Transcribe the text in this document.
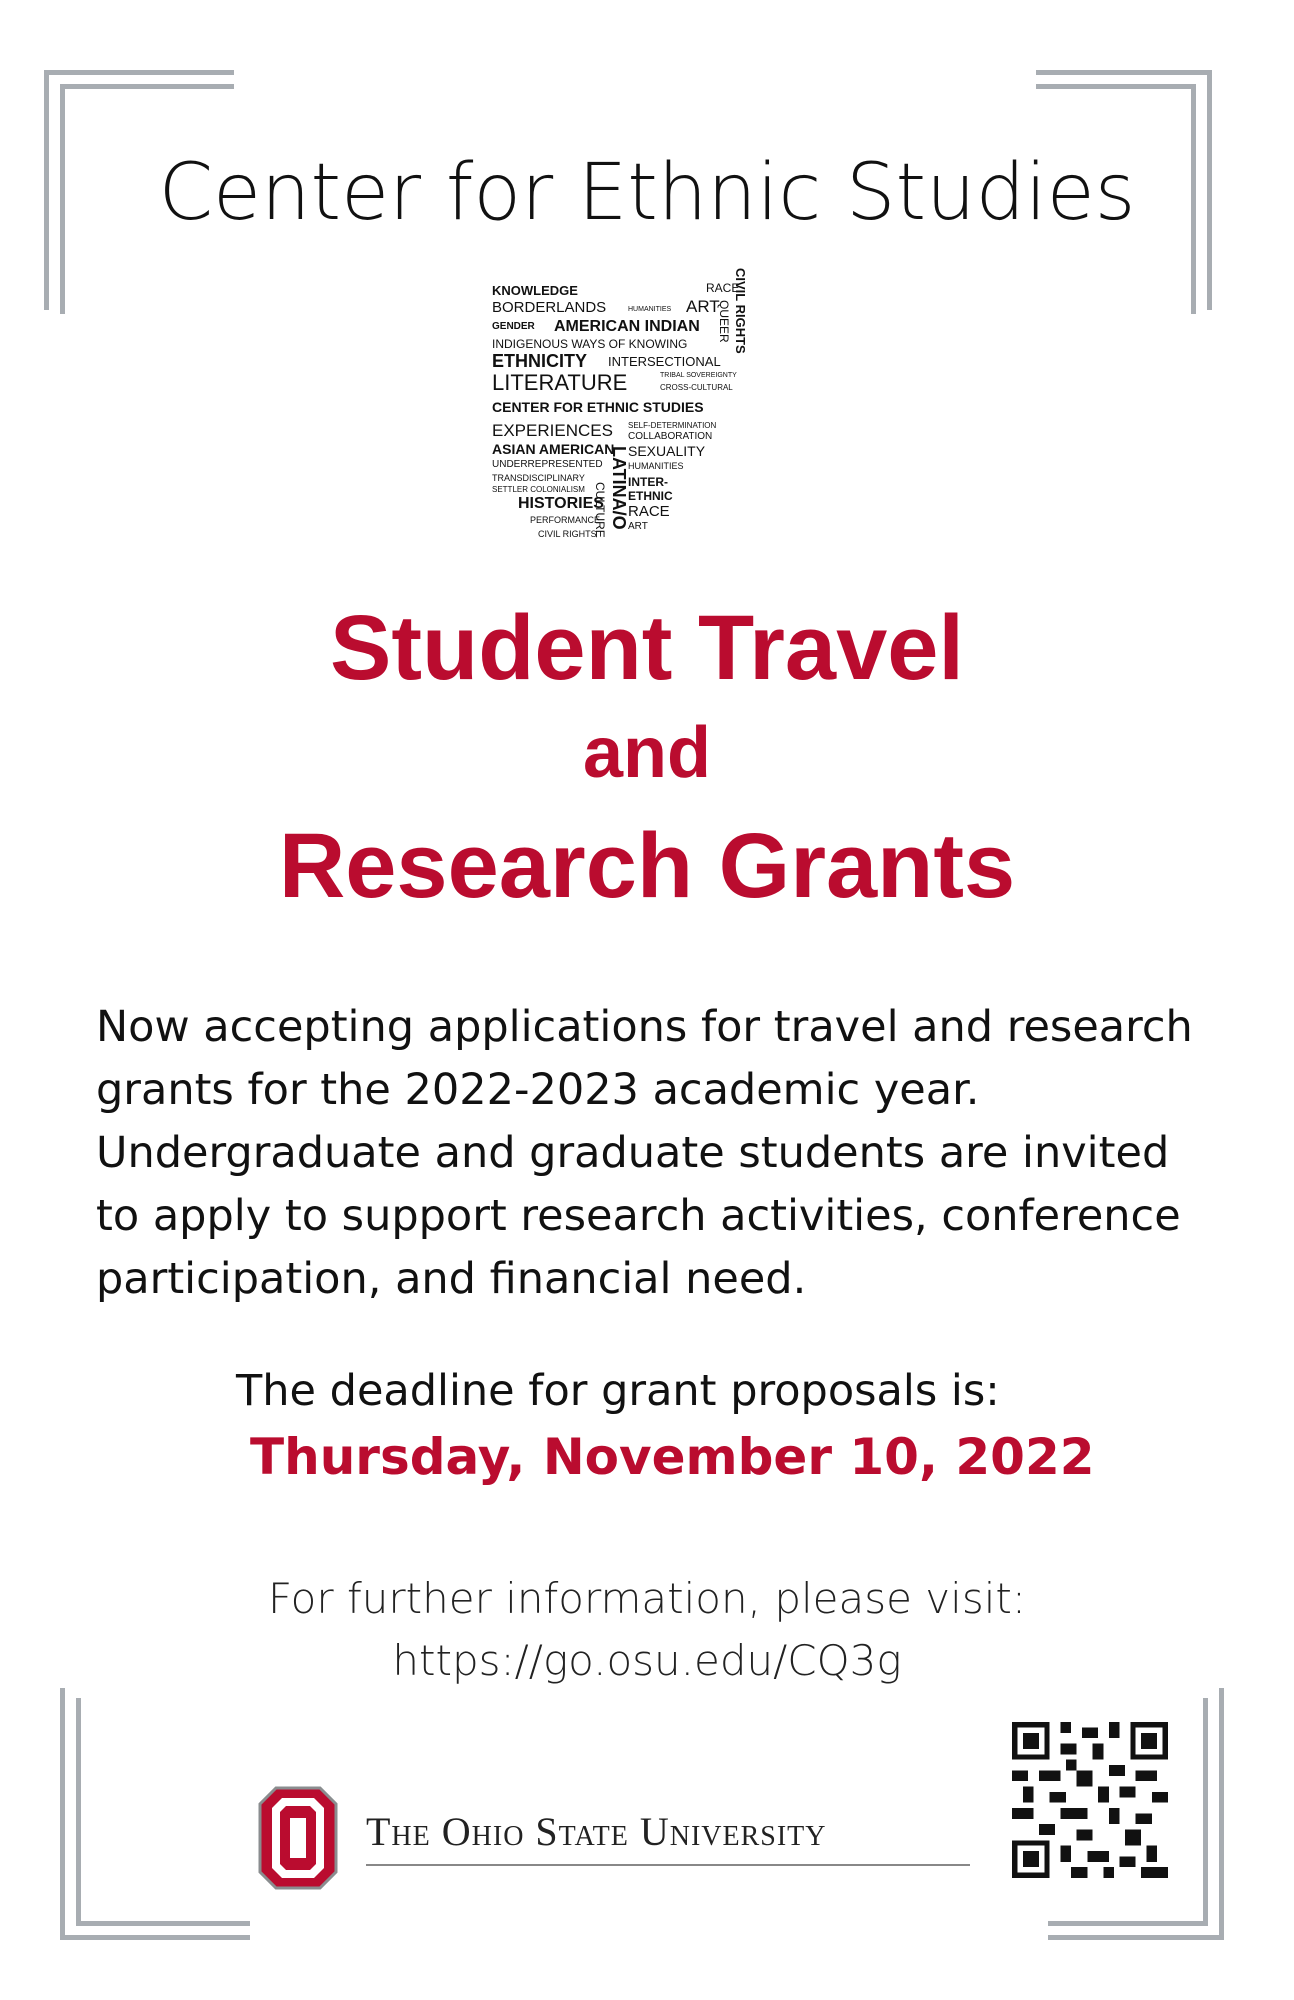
Center for Ethnic Studies
KNOWLEDGE
BORDERLANDS	HUMANITIES ART
RACE
CIVIL RIGHTS
QUEER
GENDER AMERICAN INDIAN
INDIGENOUS WAYS OF KNOWING
ETHNICITY INTERSECTIONAL
LITERATURE	TRIBAL SOVEREIGNTY
CROSS-CULTURAL
CENTER FOR ETHNIC STUDIES
EXPERIENCES SELF-DETERMINATION
COLLABORATION
ASIAN AMERICAN SEXUALITY
UNDERREPRESENTED	HUMANITIES
TRANSDISCIPLINARY LATINA/O INTER-
SETTLER COLONIALISM	ETHNIC
HISTORIES
CULTURE RACE
PERFORMANCE
ART
CIVIL RIGHTS
Student Travel
and
Research Grants
Now accepting applications for travel and research
grants for the 2022-2023 academic year.
Undergraduate and graduate students are invited
to apply to support research activities, conference
participation, and financial need.
The deadline for grant proposals is:
Thursday, November 10, 2022
For further information, please visit:
https://go.osu.edu/CQ3g
The Ohio State University
